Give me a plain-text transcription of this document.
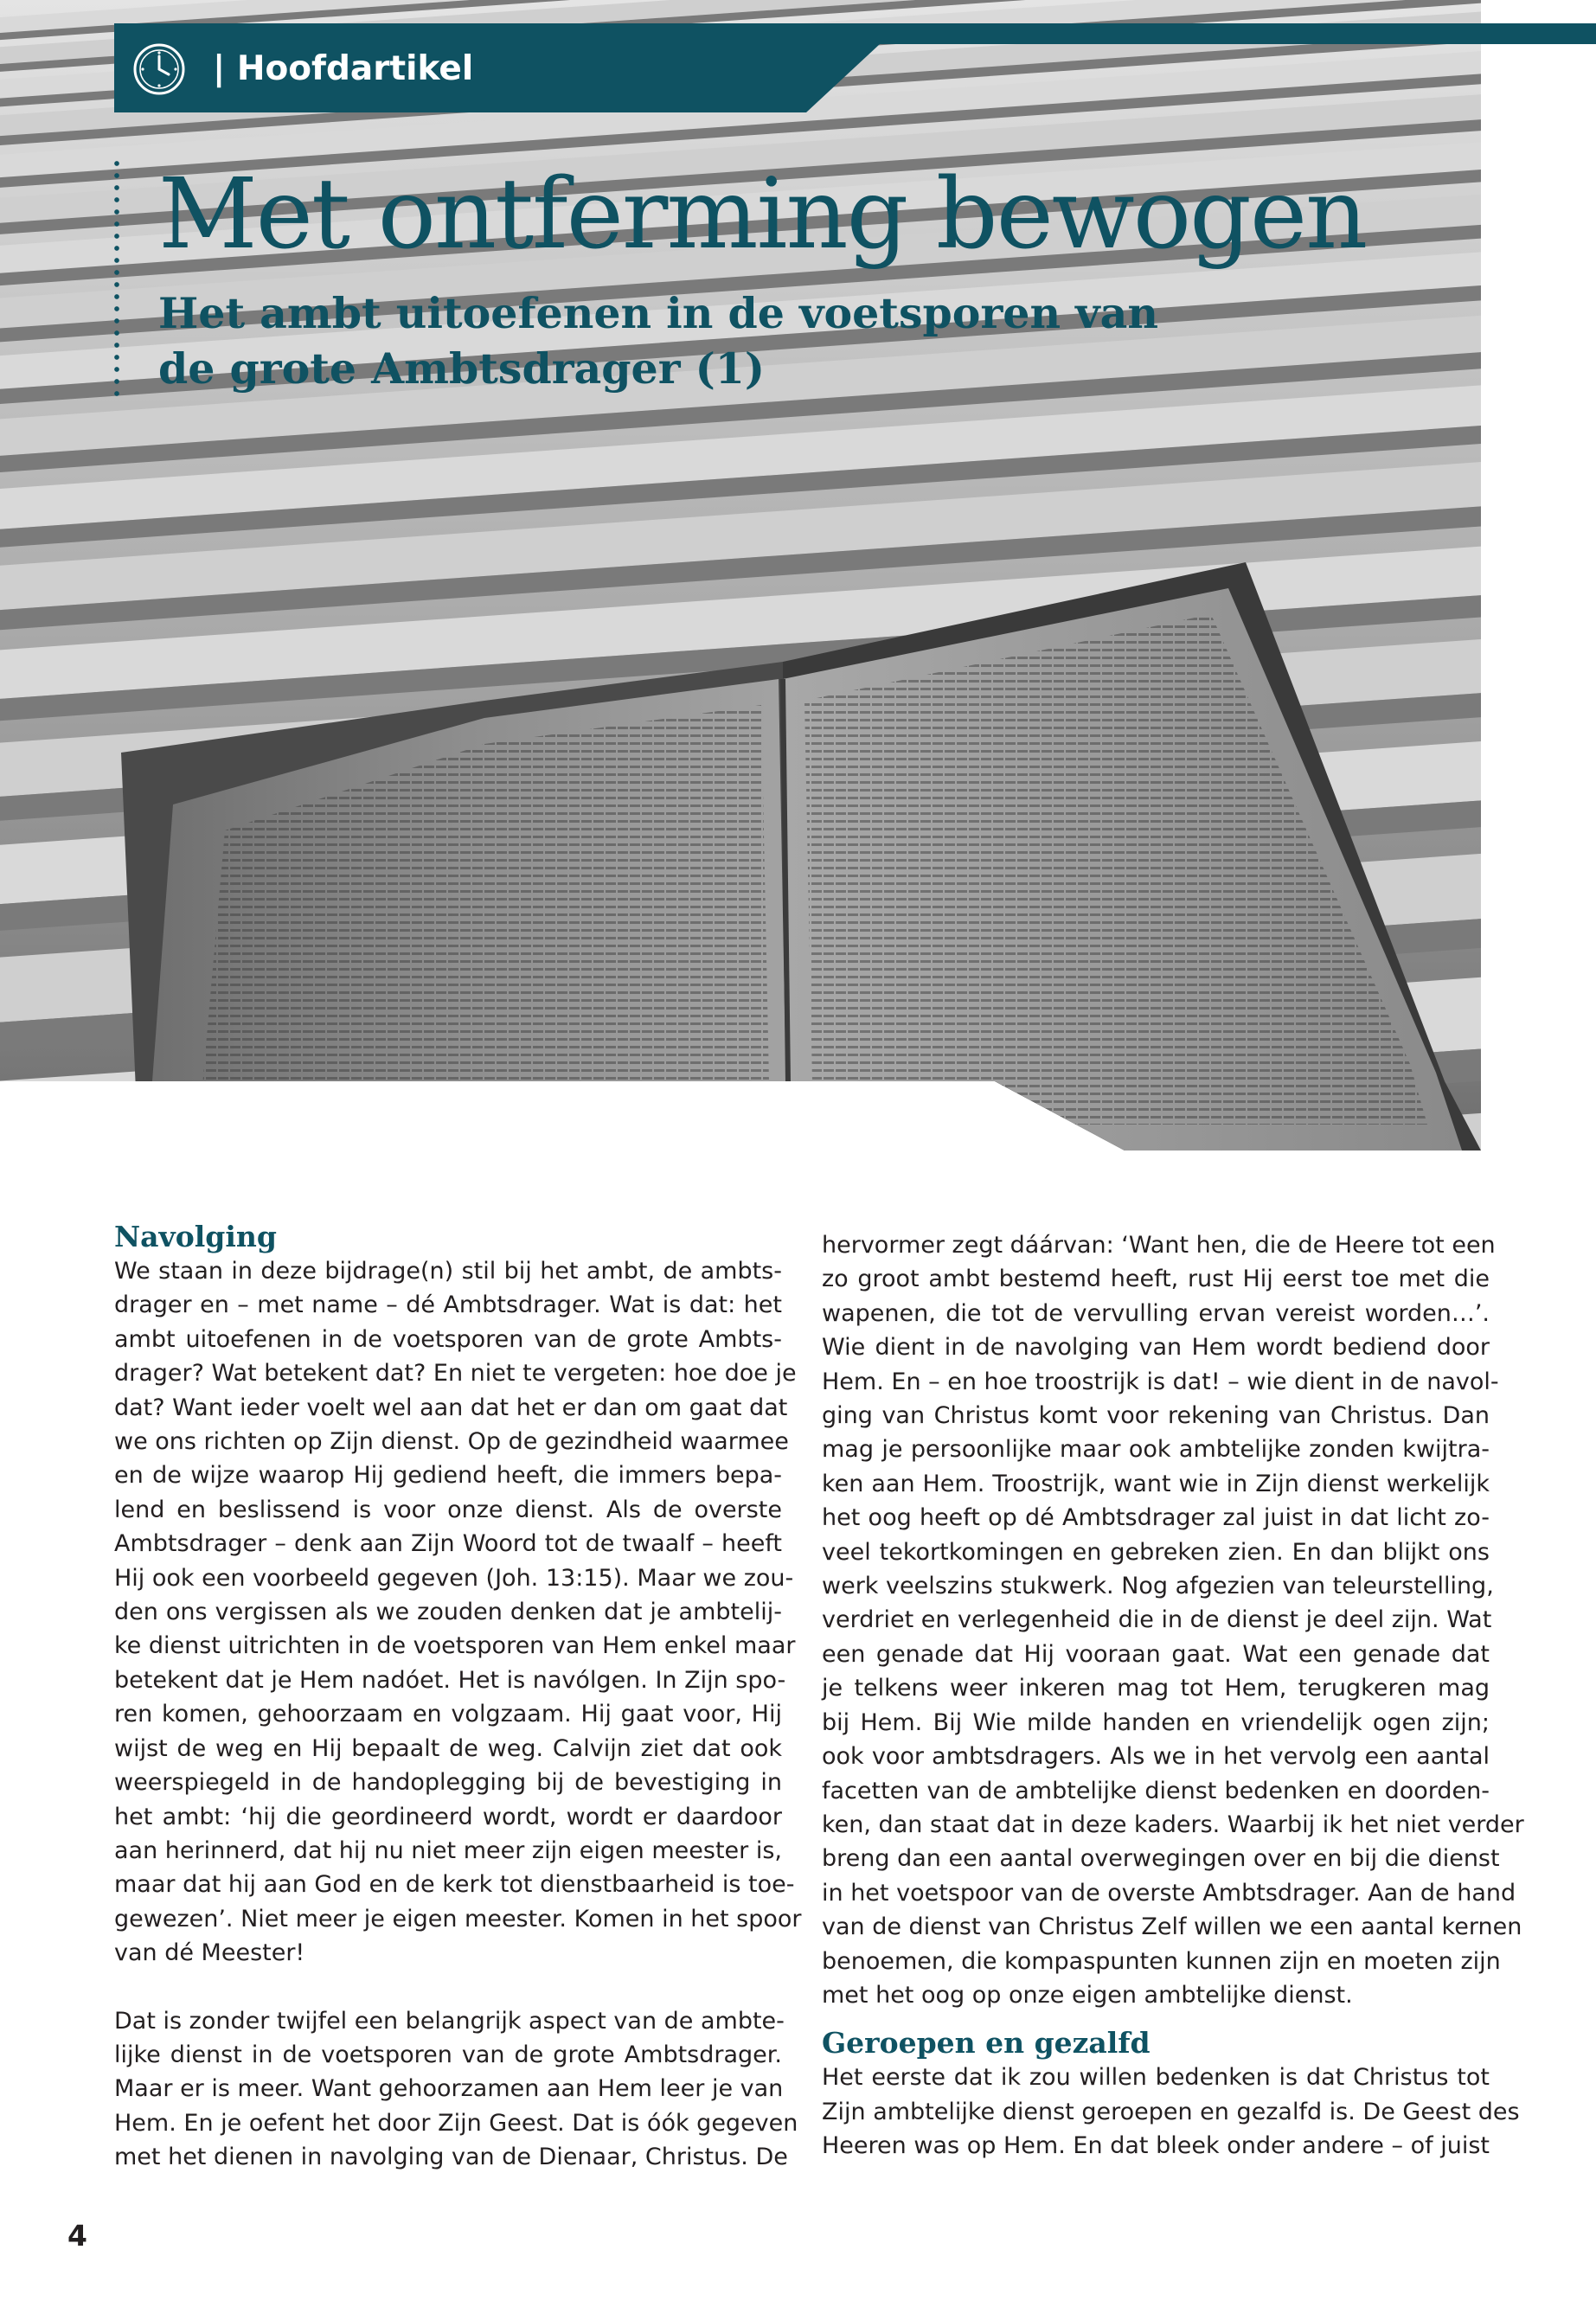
| Hoofdartikel
Met ontferming bewogen
Het ambt uitoefenen in de voetsporen van
de grote Ambtsdrager (1)
Navolging
We staan in deze bijdrage(n) stil bij het ambt, de ambts-
drager en – met name – dé Ambtsdrager. Wat is dat: het
ambt uitoefenen in de voetsporen van de grote Ambts-
drager? Wat betekent dat? En niet te vergeten: hoe doe je
dat? Want ieder voelt wel aan dat het er dan om gaat dat
we ons richten op Zijn dienst. Op de gezindheid waarmee
en de wijze waarop Hij gediend heeft, die immers bepa-
lend en beslissend is voor onze dienst. Als de overste
Ambtsdrager – denk aan Zijn Woord tot de twaalf – heeft
Hij ook een voorbeeld gegeven (Joh. 13:15). Maar we zou-
den ons vergissen als we zouden denken dat je ambtelij-
ke dienst uitrichten in de voetsporen van Hem enkel maar
betekent dat je Hem nadóet. Het is navólgen. In Zijn spo-
ren komen, gehoorzaam en volgzaam. Hij gaat voor, Hij
wijst de weg en Hij bepaalt de weg. Calvijn ziet dat ook
weerspiegeld in de handoplegging bij de bevestiging in
het ambt: ‘hij die geordineerd wordt, wordt er daardoor
aan herinnerd, dat hij nu niet meer zijn eigen meester is,
maar dat hij aan God en de kerk tot dienstbaarheid is toe-
gewezen’. Niet meer je eigen meester. Komen in het spoor
van dé Meester!
Dat is zonder twijfel een belangrijk aspect van de ambte-
lijke dienst in de voetsporen van de grote Ambtsdrager.
Maar er is meer. Want gehoorzamen aan Hem leer je van
Hem. En je oefent het door Zijn Geest. Dat is óók gegeven
met het dienen in navolging van de Dienaar, Christus. De
hervormer zegt dáárvan: ‘Want hen, die de Heere tot een
zo groot ambt bestemd heeft, rust Hij eerst toe met die
wapenen, die tot de vervulling ervan vereist worden…’.
Wie dient in de navolging van Hem wordt bediend door
Hem. En – en hoe troostrijk is dat! – wie dient in de navol-
ging van Christus komt voor rekening van Christus. Dan
mag je persoonlijke maar ook ambtelijke zonden kwijtra-
ken aan Hem. Troostrijk, want wie in Zijn dienst werkelijk
het oog heeft op dé Ambtsdrager zal juist in dat licht zo-
veel tekortkomingen en gebreken zien. En dan blijkt ons
werk veelszins stukwerk. Nog afgezien van teleurstelling,
verdriet en verlegenheid die in de dienst je deel zijn. Wat
een genade dat Hij vooraan gaat. Wat een genade dat
je telkens weer inkeren mag tot Hem, terugkeren mag
bij Hem. Bij Wie milde handen en vriendelijk ogen zijn;
ook voor ambtsdragers. Als we in het vervolg een aantal
facetten van de ambtelijke dienst bedenken en doorden-
ken, dan staat dat in deze kaders. Waarbij ik het niet verder
breng dan een aantal overwegingen over en bij die dienst
in het voetspoor van de overste Ambtsdrager. Aan de hand
van de dienst van Christus Zelf willen we een aantal kernen
benoemen, die kompaspunten kunnen zijn en moeten zijn
met het oog op onze eigen ambtelijke dienst.
Geroepen en gezalfd
Het eerste dat ik zou willen bedenken is dat Christus tot
Zijn ambtelijke dienst geroepen en gezalfd is. De Geest des
Heeren was op Hem. En dat bleek onder andere – of juist
4
